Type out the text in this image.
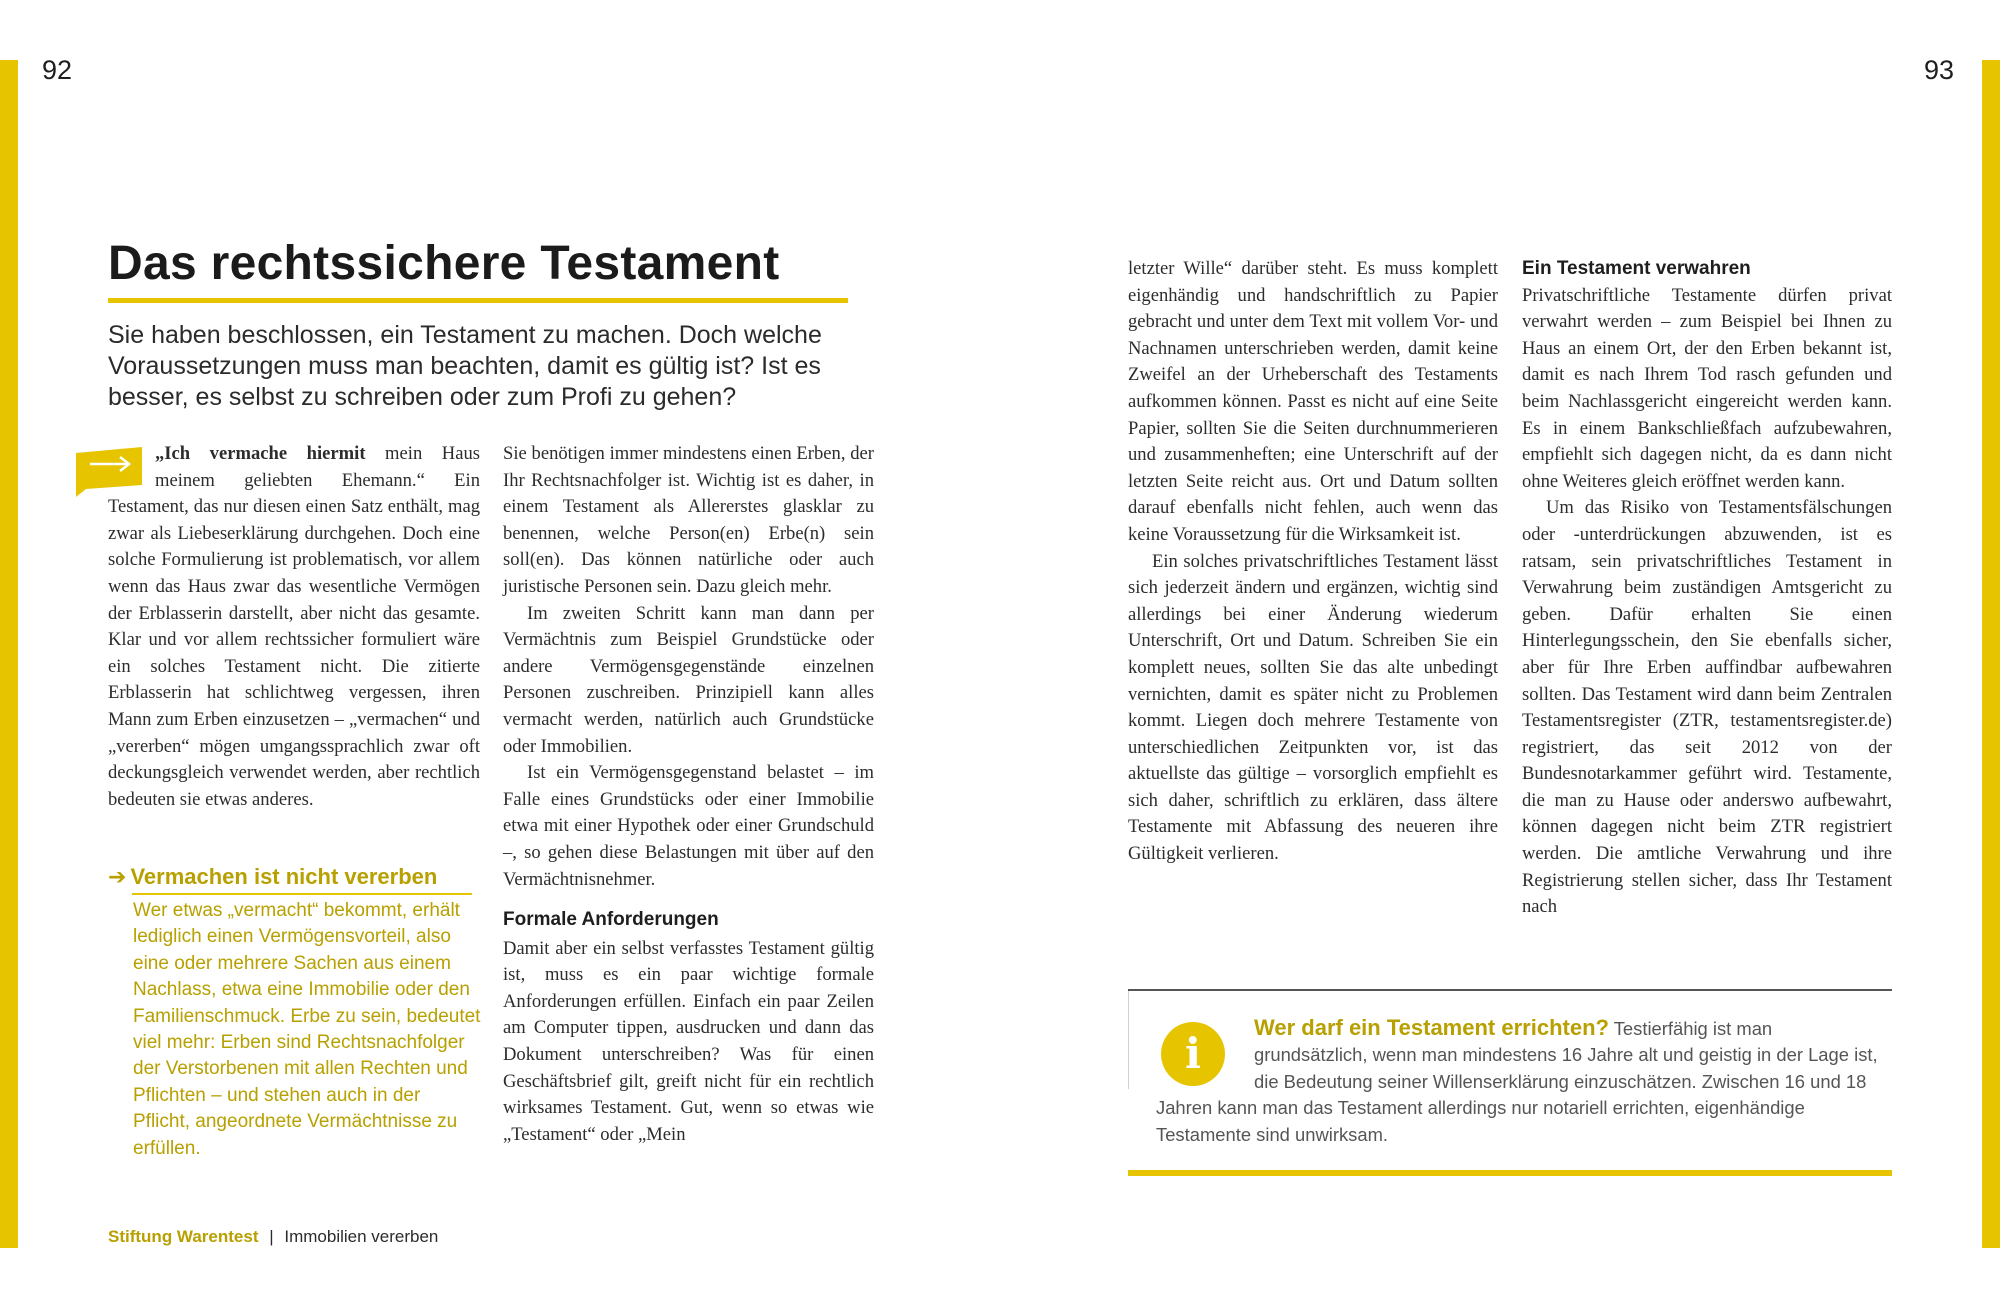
92	93
Das rechtssichere Testament
Sie haben beschlossen, ein Testament zu machen. Doch welche Voraussetzungen muss man beachten, damit es gültig ist? Ist es besser, es selbst zu schreiben oder zum Profi zu gehen?

„Ich vermache hiermit mein Haus meinem geliebten Ehemann.“ Ein Testament, das nur diesen einen Satz enthält, mag zwar als Liebeserklärung durchgehen. Doch eine solche Formulierung ist problematisch, vor allem wenn das Haus zwar das wesentliche Vermögen der Erblasserin darstellt, aber nicht das gesamte. Klar und vor allem rechtssicher formuliert wäre ein solches Testament nicht. Die zitierte Erblasserin hat schlichtweg vergessen, ihren Mann zum Erben einzusetzen – „vermachen“ und „vererben“ mögen umgangssprachlich zwar oft deckungsgleich verwendet werden, aber rechtlich bedeuten sie etwas anderes.

➔ Vermachen ist nicht vererben
Wer etwas „vermacht“ bekommt, erhält lediglich einen Vermögensvorteil, also eine oder mehrere Sachen aus einem Nachlass, etwa eine Immobilie oder den Familienschmuck. Erbe zu sein, bedeutet viel mehr: Erben sind Rechtsnachfolger der Verstorbenen mit allen Rechten und Pflichten – und stehen auch in der Pflicht, angeordnete Vermächtnisse zu erfüllen.

Sie benötigen immer mindestens einen Erben, der Ihr Rechtsnachfolger ist. Wichtig ist es daher, in einem Testament als Allererstes glasklar zu benennen, welche Person(en) Erbe(n) sein soll(en). Das können natürliche oder auch juristische Personen sein. Dazu gleich mehr.

Im zweiten Schritt kann man dann per Vermächtnis zum Beispiel Grundstücke oder andere Vermögensgegenstände einzelnen Personen zuschreiben. Prinzipiell kann alles vermacht werden, natürlich auch Grundstücke oder Immobilien.

Ist ein Vermögensgegenstand belastet – im Falle eines Grundstücks oder einer Immobilie etwa mit einer Hypothek oder einer Grundschuld –, so gehen diese Belastungen mit über auf den Vermächtnisnehmer.

Formale Anforderungen

Damit aber ein selbst verfasstes Testament gültig ist, muss es ein paar wichtige formale Anforderungen erfüllen. Einfach ein paar Zeilen am Computer tippen, ausdrucken und dann das Dokument unterschreiben? Was für einen Geschäftsbrief gilt, greift nicht für ein rechtlich wirksames Testament. Gut, wenn so etwas wie „Testament“ oder „Mein

letzter Wille“ darüber steht. Es muss komplett eigenhändig und handschriftlich zu Papier gebracht und unter dem Text mit vollem Vor- und Nachnamen unterschrieben werden, damit keine Zweifel an der Urheberschaft des Testaments aufkommen können. Passt es nicht auf eine Seite Papier, sollten Sie die Seiten durchnummerieren und zusammenheften; eine Unterschrift auf der letzten Seite reicht aus. Ort und Datum sollten darauf ebenfalls nicht fehlen, auch wenn das keine Voraussetzung für die Wirksamkeit ist.

Ein solches privatschriftliches Testament lässt sich jederzeit ändern und ergänzen, wichtig sind allerdings bei einer Änderung wiederum Unterschrift, Ort und Datum. Schreiben Sie ein komplett neues, sollten Sie das alte unbedingt vernichten, damit es später nicht zu Problemen kommt. Liegen doch mehrere Testamente von unterschiedlichen Zeitpunkten vor, ist das aktuellste das gültige – vorsorglich empfiehlt es sich daher, schriftlich zu erklären, dass ältere Testamente mit Abfassung des neueren ihre Gültigkeit verlieren.

Ein Testament verwahren

Privatschriftliche Testamente dürfen privat verwahrt werden – zum Beispiel bei Ihnen zu Haus an einem Ort, der den Erben bekannt ist, damit es nach Ihrem Tod rasch gefunden und beim Nachlassgericht eingereicht werden kann. Es in einem Bankschließfach aufzubewahren, empfiehlt sich dagegen nicht, da es dann nicht ohne Weiteres gleich eröffnet werden kann.

Um das Risiko von Testamentsfälschungen oder -unterdrückungen abzuwenden, ist es ratsam, sein privatschriftliches Testament in Verwahrung beim zuständigen Amtsgericht zu geben. Dafür erhalten Sie einen Hinterlegungsschein, den Sie ebenfalls sicher, aber für Ihre Erben auffindbar aufbewahren sollten. Das Testament wird dann beim Zentralen Testamentsregister (ZTR, testamentsregister.de) registriert, das seit 2012 von der Bundesnotarkammer geführt wird. Testamente, die man zu Hause oder anderswo aufbewahrt, können dagegen nicht beim ZTR registriert werden. Die amtliche Verwahrung und ihre Registrierung stellen sicher, dass Ihr Testament nach

i
Wer darf ein Testament errichten? Testierfähig ist man grundsätzlich, wenn man mindestens 16 Jahre alt und geistig in der Lage ist, die Bedeutung seiner Willenserklärung einzuschätzen. Zwischen 16 und 18 Jahren kann man das Testament allerdings nur notariell errichten, eigenhändige Testamente sind unwirksam.
Stiftung Warentest | Immobilien vererben
